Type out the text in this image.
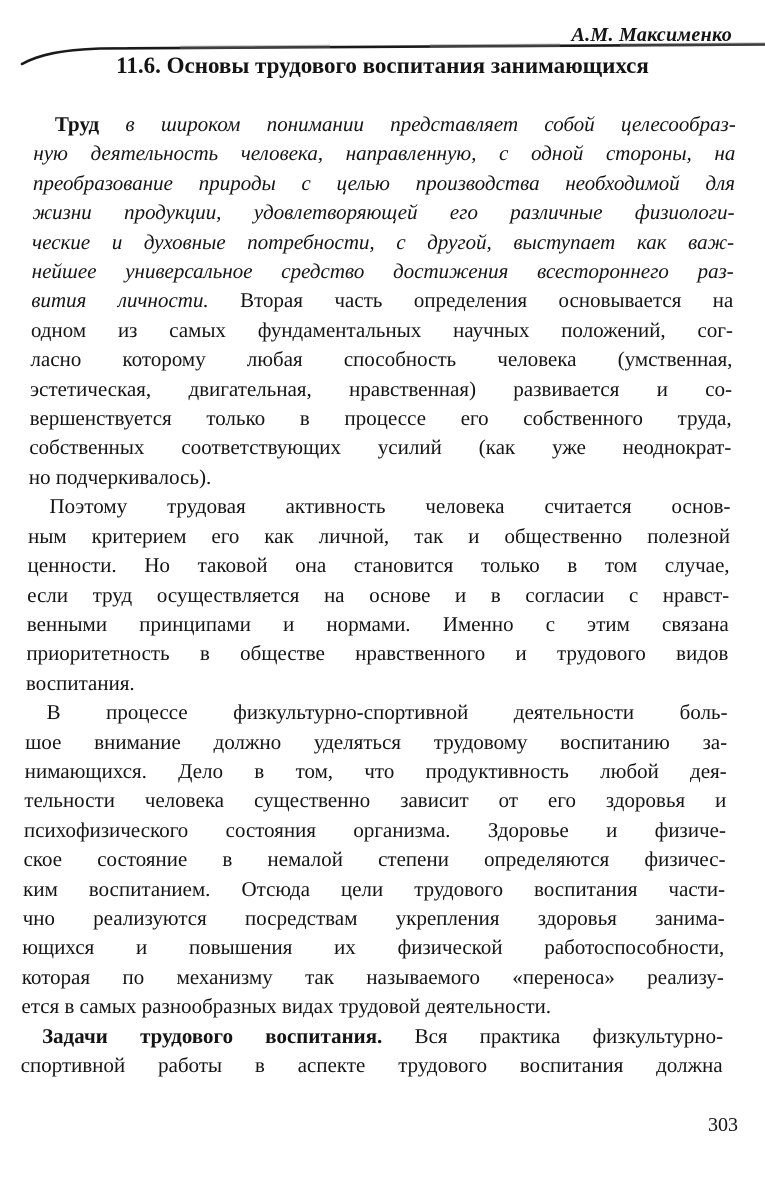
А.М. Максименко
11.6. Основы трудового воспитания занимающихся
Труд в широком понимании представляет собой целесообраз-
ную деятельность человека, направленную, с одной стороны, на
преобразование природы с целью производства необходимой для
жизни продукции, удовлетворяющей его различные физиологи-
ческие и духовные потребности, с другой, выступает как важ-
нейшее универсальное средство достижения всестороннего раз-
вития личности. Вторая часть определения основывается на
одном из самых фундаментальных научных положений, сог-
ласно которому любая способность человека (умственная,
эстетическая, двигательная, нравственная) развивается и со-
вершенствуется только в процессе его собственного труда,
собственных соответствующих усилий (как уже неоднократ-
но подчеркивалось).
Поэтому трудовая активность человека считается основ-
ным критерием его как личной, так и общественно полезной
ценности. Но таковой она становится только в том случае,
если труд осуществляется на основе и в согласии с нравст-
венными принципами и нормами. Именно с этим связана
приоритетность в обществе нравственного и трудового видов
воспитания.
В процессе физкультурно-спортивной деятельности боль-
шое внимание должно уделяться трудовому воспитанию за-
нимающихся. Дело в том, что продуктивность любой дея-
тельности человека существенно зависит от его здоровья и
психофизического состояния организма. Здоровье и физиче-
ское состояние в немалой степени определяются физичес-
ким воспитанием. Отсюда цели трудового воспитания части-
чно реализуются посредствам укрепления здоровья занима-
ющихся и повышения их физической работоспособности,
которая по механизму так называемого «переноса» реализу-
ется в самых разнообразных видах трудовой деятельности.
Задачи трудового воспитания. Вся практика физкультурно-
спортивной работы в аспекте трудового воспитания должна
303
